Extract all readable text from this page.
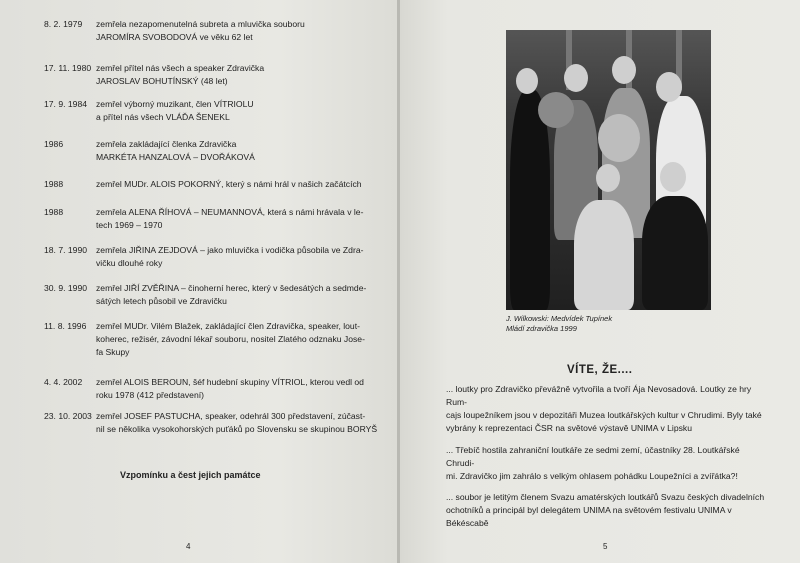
8. 2. 1979	zemřela nezapomenutelná subreta a mluvička souboru
JAROMÍRA SVOBODOVÁ ve věku 62 let
17. 11. 1980 zemřel přítel nás všech a speaker Zdravička
JAROSLAV BOHUTÍNSKÝ (48 let)
17. 9. 1984	zemřel výborný muzikant, člen VÍTRIOLU
a přítel nás všech VLÁĎA ŠENEKL
1986	zemřela zakládající členka Zdravička
MARKÉTA HANZALOVÁ – DVOŘÁKOVÁ
1988	zemřel MUDr. ALOIS POKORNÝ, který s námi hrál v našich začátcích
1988	zemřela ALENA ŘÍHOVÁ – NEUMANNOVÁ, která s námi hrávala v le-
tech 1969 – 1970
18. 7. 1990	zemřela JIŘINA ZEJDOVÁ – jako mluvička i vodička působila ve Zdra-
vičku dlouhé roky
30. 9. 1990	zemřel JIŘÍ ZVĚŘINA – činoherní herec, který v šedesátých a sedmde-
sátých letech působil ve Zdravičku
11. 8. 1996	zemřel MUDr. Vilém Blažek, zakládající člen Zdravička, speaker, lout-
koherec, režisér, závodní lékař souboru, nositel Zlatého odznaku Jose-
fa Skupy
4. 4. 2002	zemřel ALOIS BEROUN, šéf hudební skupiny VÍTRIOL, kterou vedl od
roku 1978 (412 představení)
23. 10. 2003 zemřel JOSEF PASTUCHA, speaker, odehrál 300 představení, zúčast-
nil se několika vysokohorských puťáků po Slovensku se skupinou BORYŠ
Vzpomínku a čest jejich památce
4	5
J. Wilkowski: Medvídek Tupínek
Mládí zdravička 1999
VÍTE, ŽE....
... loutky pro Zdravičko převážně vytvořila a tvoří Ája Nevosadová. Loutky ze hry Rum-
cajs loupežníkem jsou v depozitáři Muzea loutkářských kultur v Chrudimi. Byly také
vybrány k reprezentaci ČSR na světové výstavě UNIMA v Lipsku
... Třebíč hostila zahraniční loutkáře ze sedmi zemí, účastníky 28. Loutkářské Chrudi-
mi. Zdravičko jim zahrálo s velkým ohlasem pohádku Loupežníci a zvířátka?!
... soubor je letitým členem Svazu amatérských loutkářů Svazu českých divadelních
ochotníků a principál byl delegátem UNIMA na světovém festivalu UNIMA v Békéscabě
